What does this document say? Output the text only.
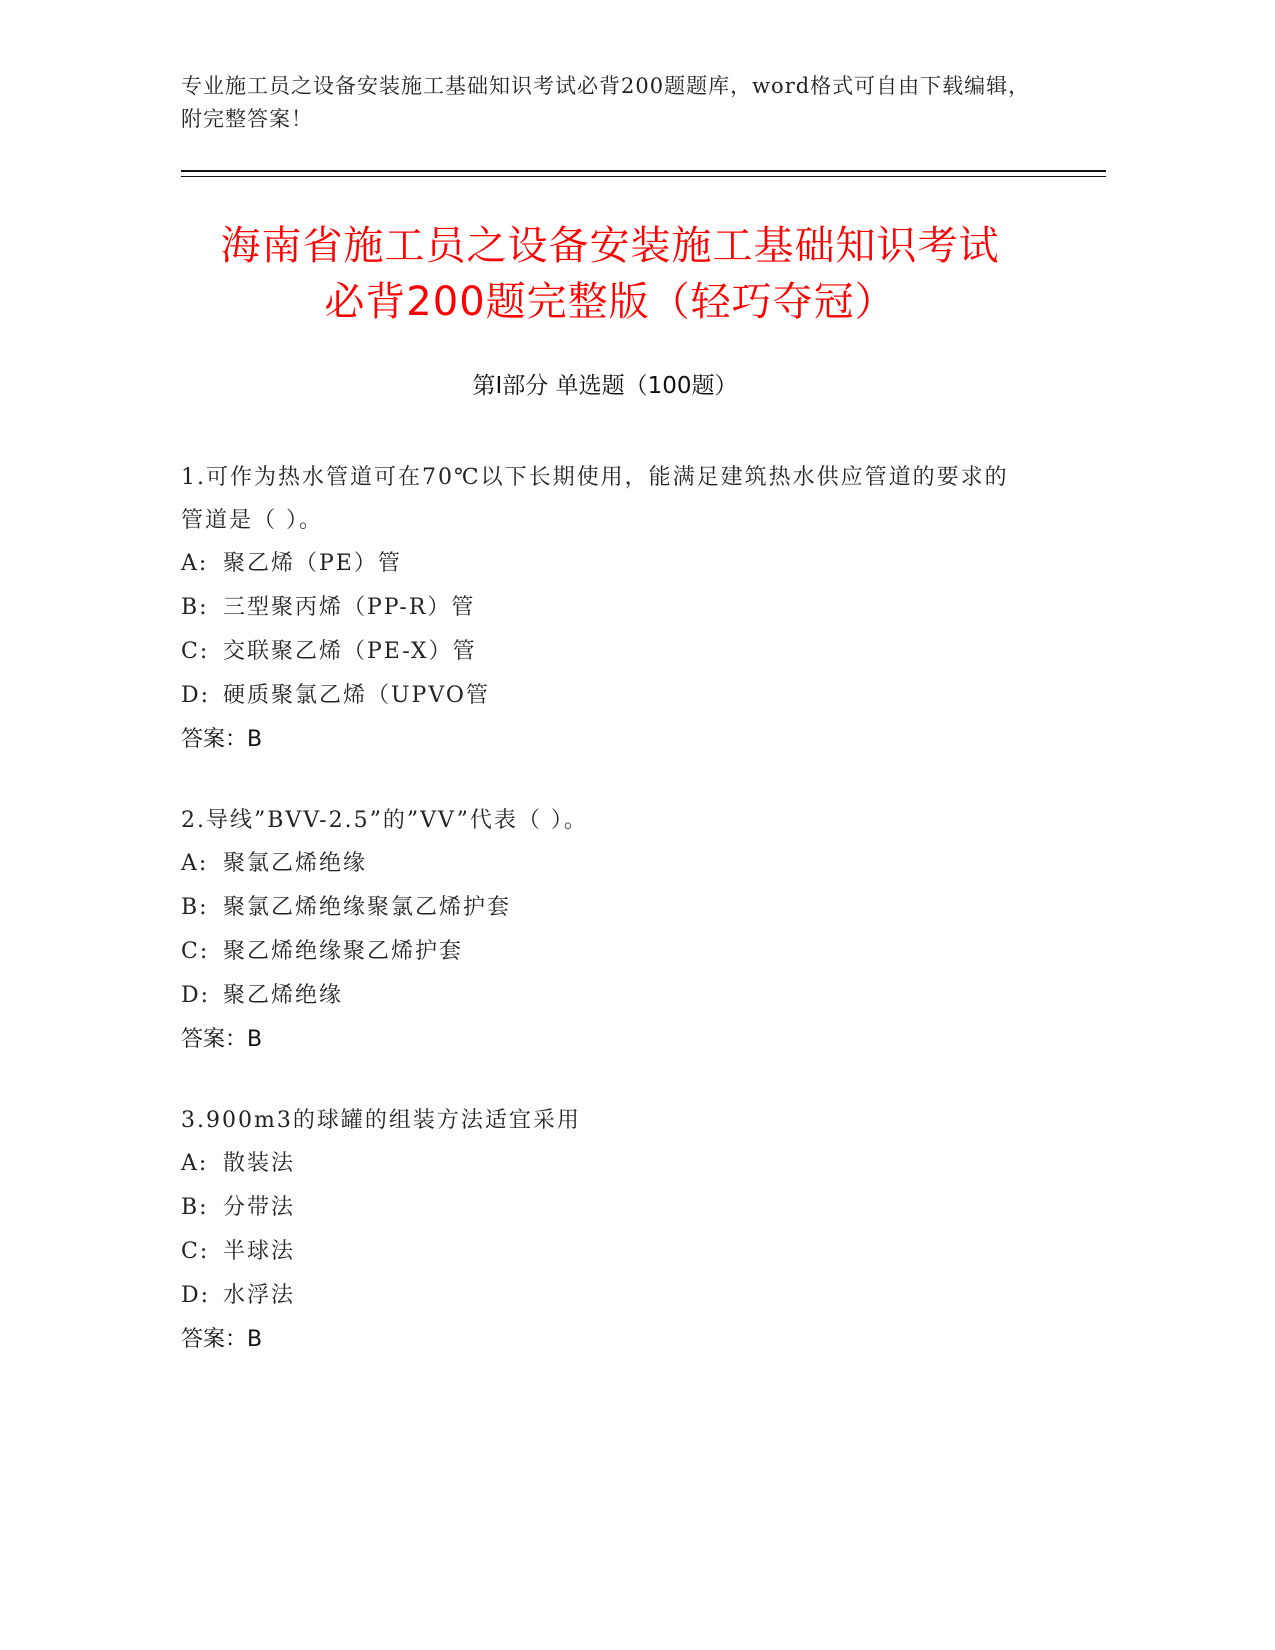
专业施工员之设备安装施工基础知识考试必背200题题库，word格式可自由下载编辑，附完整答案！
海南省施工员之设备安装施工基础知识考试
必背200题完整版（轻巧夺冠）
第Ⅰ部分 单选题（100题）
1.可作为热水管道可在70℃以下长期使用，能满足建筑热水供应管道的要求的管道是（ ）。
A: 聚乙烯（PE）管
B: 三型聚丙烯（PP-R）管
C: 交联聚乙烯（PE-X）管
D: 硬质聚氯乙烯（UPVO管
答案：B
2.导线”BVV-2.5”的”VV”代表（ ）。
A: 聚氯乙烯绝缘
B: 聚氯乙烯绝缘聚氯乙烯护套
C: 聚乙烯绝缘聚乙烯护套
D: 聚乙烯绝缘
答案：B
3.900m3的球罐的组装方法适宜采用
A: 散装法
B: 分带法
C: 半球法
D: 水浮法
答案：B
